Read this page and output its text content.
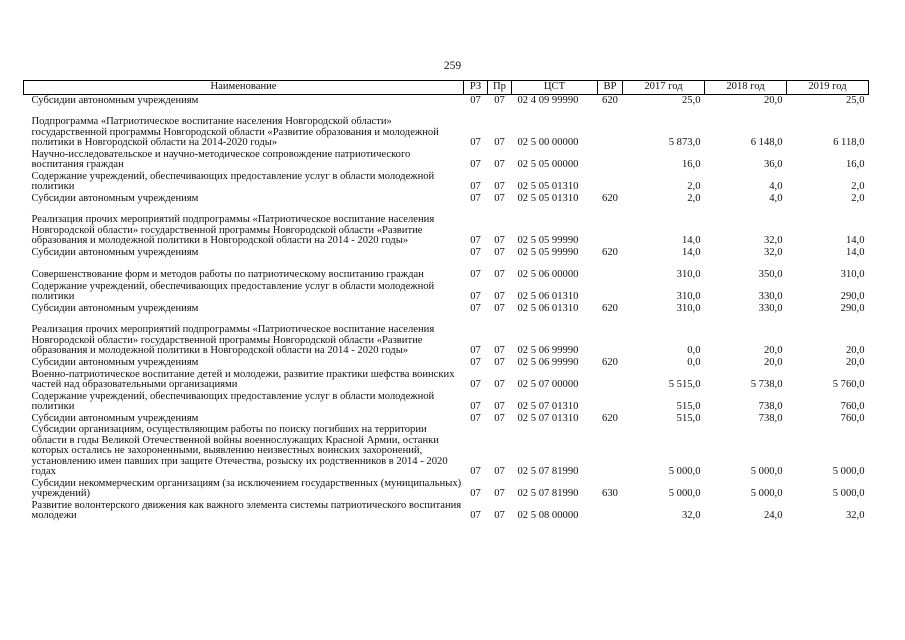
259
Наименование	РЗ	Пр	ЦСТ	ВР	2017 год	2018 год	2019 год
Субсидии автономным учреждениям	07	07	02 4 09 99990	620	25,0	20,0	25,0
Подпрограмма «Патриотическое воспитание населения Новгородской области» государственной программы Новгородской области «Развитие образования и молодежной политики в Новгородской области на 2014-2020 годы»	07	07	02 5 00 00000		5 873,0	6 148,0	6 118,0
Научно-исследовательское и научно-методическое сопровождение патриотического воспитания граждан	07	07	02 5 05 00000		16,0	36,0	16,0
Содержание учреждений, обеспечивающих предоставление услуг в области молодежной политики	07	07	02 5 05 01310		2,0	4,0	2,0
Субсидии автономным учреждениям	07	07	02 5 05 01310	620	2,0	4,0	2,0
Реализация прочих мероприятий подпрограммы «Патриотическое воспитание населения Новгородской области» государственной программы Новгородской области «Развитие образования и молодежной политики в Новгородской области на 2014 - 2020 годы»	07	07	02 5 05 99990		14,0	32,0	14,0
Субсидии автономным учреждениям	07	07	02 5 05 99990	620	14,0	32,0	14,0
Совершенствование форм и методов работы по патриотическому воспитанию граждан	07	07	02 5 06 00000		310,0	350,0	310,0
Содержание учреждений, обеспечивающих предоставление услуг в области молодежной политики	07	07	02 5 06 01310		310,0	330,0	290,0
Субсидии автономным учреждениям	07	07	02 5 06 01310	620	310,0	330,0	290,0
Реализация прочих мероприятий подпрограммы «Патриотическое воспитание населения Новгородской области» государственной программы Новгородской области «Развитие образования и молодежной политики в Новгородской области на 2014 - 2020 годы»	07	07	02 5 06 99990		0,0	20,0	20,0
Субсидии автономным учреждениям	07	07	02 5 06 99990	620	0,0	20,0	20,0
Военно-патриотическое воспитание детей и молодежи, развитие практики шефства воинских частей над образовательными организациями	07	07	02 5 07 00000		5 515,0	5 738,0	5 760,0
Содержание учреждений, обеспечивающих предоставление услуг в области молодежной политики	07	07	02 5 07 01310		515,0	738,0	760,0
Субсидии автономным учреждениям	07	07	02 5 07 01310	620	515,0	738,0	760,0
Субсидии организациям, осуществляющим работы по поиску погибших на территории области в годы Великой Отечественной войны военнослужащих Красной Армии, останки которых остались не захороненными, выявлению неизвестных воинских захоронений, установлению имен павших при защите Отечества, розыску их родственников в 2014 - 2020 годах	07	07	02 5 07 81990		5 000,0	5 000,0	5 000,0
Субсидии некоммерческим организациям (за исключением государственных (муниципальных) учреждений)	07	07	02 5 07 81990	630	5 000,0	5 000,0	5 000,0
Развитие волонтерского движения как важного элемента системы патриотического воспитания молодежи	07	07	02 5 08 00000		32,0	24,0	32,0
